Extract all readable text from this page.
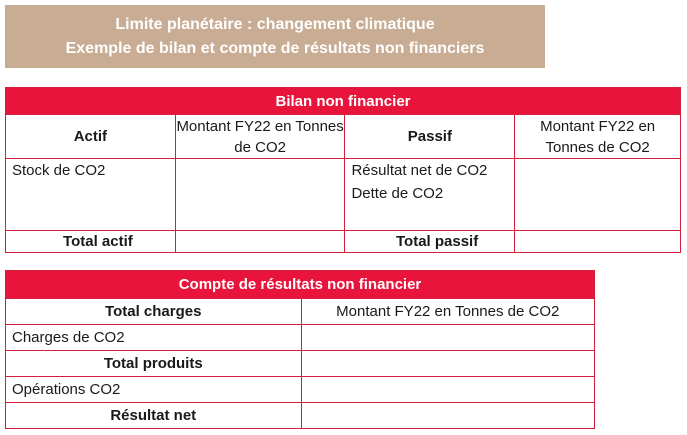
Limite planétaire : changement climatique
Exemple de bilan et compte de résultats non financiers
Bilan non financier			
Actif	Montant FY22 en Tonnes de CO2	Passif	Montant FY22 en Tonnes de CO2

Stock de CO2		Résultat net de CO2
Dette de CO2	

Total actif		Total passif	
Compte de résultats non financier	
Total charges	Montant FY22 en Tonnes de CO2
Charges de CO2	
Total produits	
Opérations CO2	
Résultat net	
